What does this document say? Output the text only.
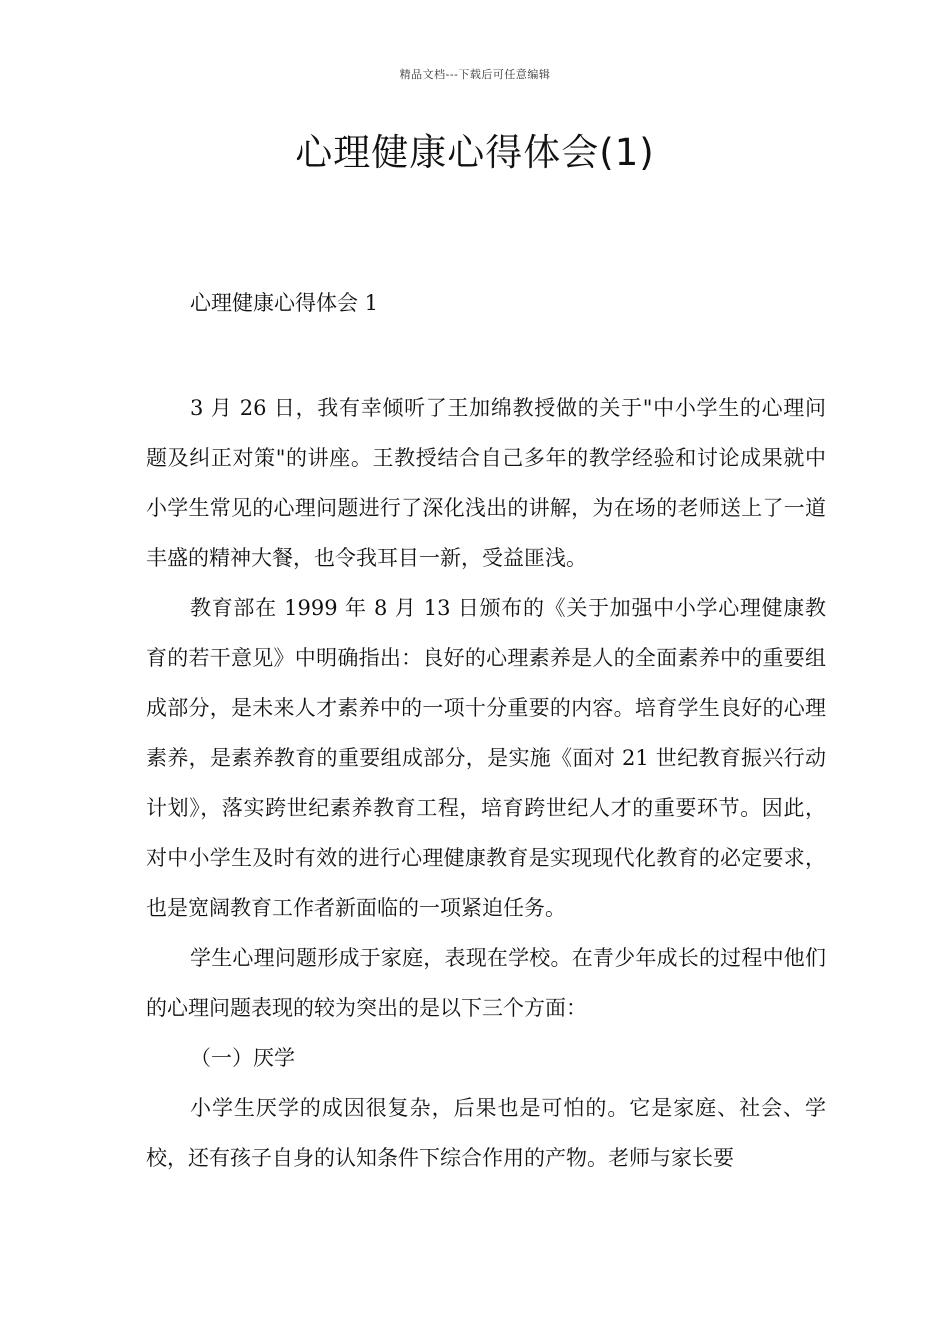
精品文档---下载后可任意编辑
心理健康心得体会(1)
心理健康心得体会 1

3 月 26 日，我有幸倾听了王加绵教授做的关于"中小学生的心理问题及纠正对策"的讲座。王教授结合自己多年的教学经验和讨论成果就中小学生常见的心理问题进行了深化浅出的讲解，为在场的老师送上了一道丰盛的精神大餐，也令我耳目一新，受益匪浅。

教育部在 1999 年 8 月 13 日颁布的《关于加强中小学心理健康教育的若干意见》中明确指出：良好的心理素养是人的全面素养中的重要组成部分，是未来人才素养中的一项十分重要的内容。培育学生良好的心理素养，是素养教育的重要组成部分，是实施《面对 21 世纪教育振兴行动计划》，落实跨世纪素养教育工程，培育跨世纪人才的重要环节。因此，对中小学生及时有效的进行心理健康教育是实现现代化教育的必定要求，也是宽阔教育工作者新面临的一项紧迫任务。

学生心理问题形成于家庭，表现在学校。在青少年成长的过程中他们的心理问题表现的较为突出的是以下三个方面：

（一）厌学

小学生厌学的成因很复杂，后果也是可怕的。它是家庭、社会、学校，还有孩子自身的认知条件下综合作用的产物。老师与家长要
